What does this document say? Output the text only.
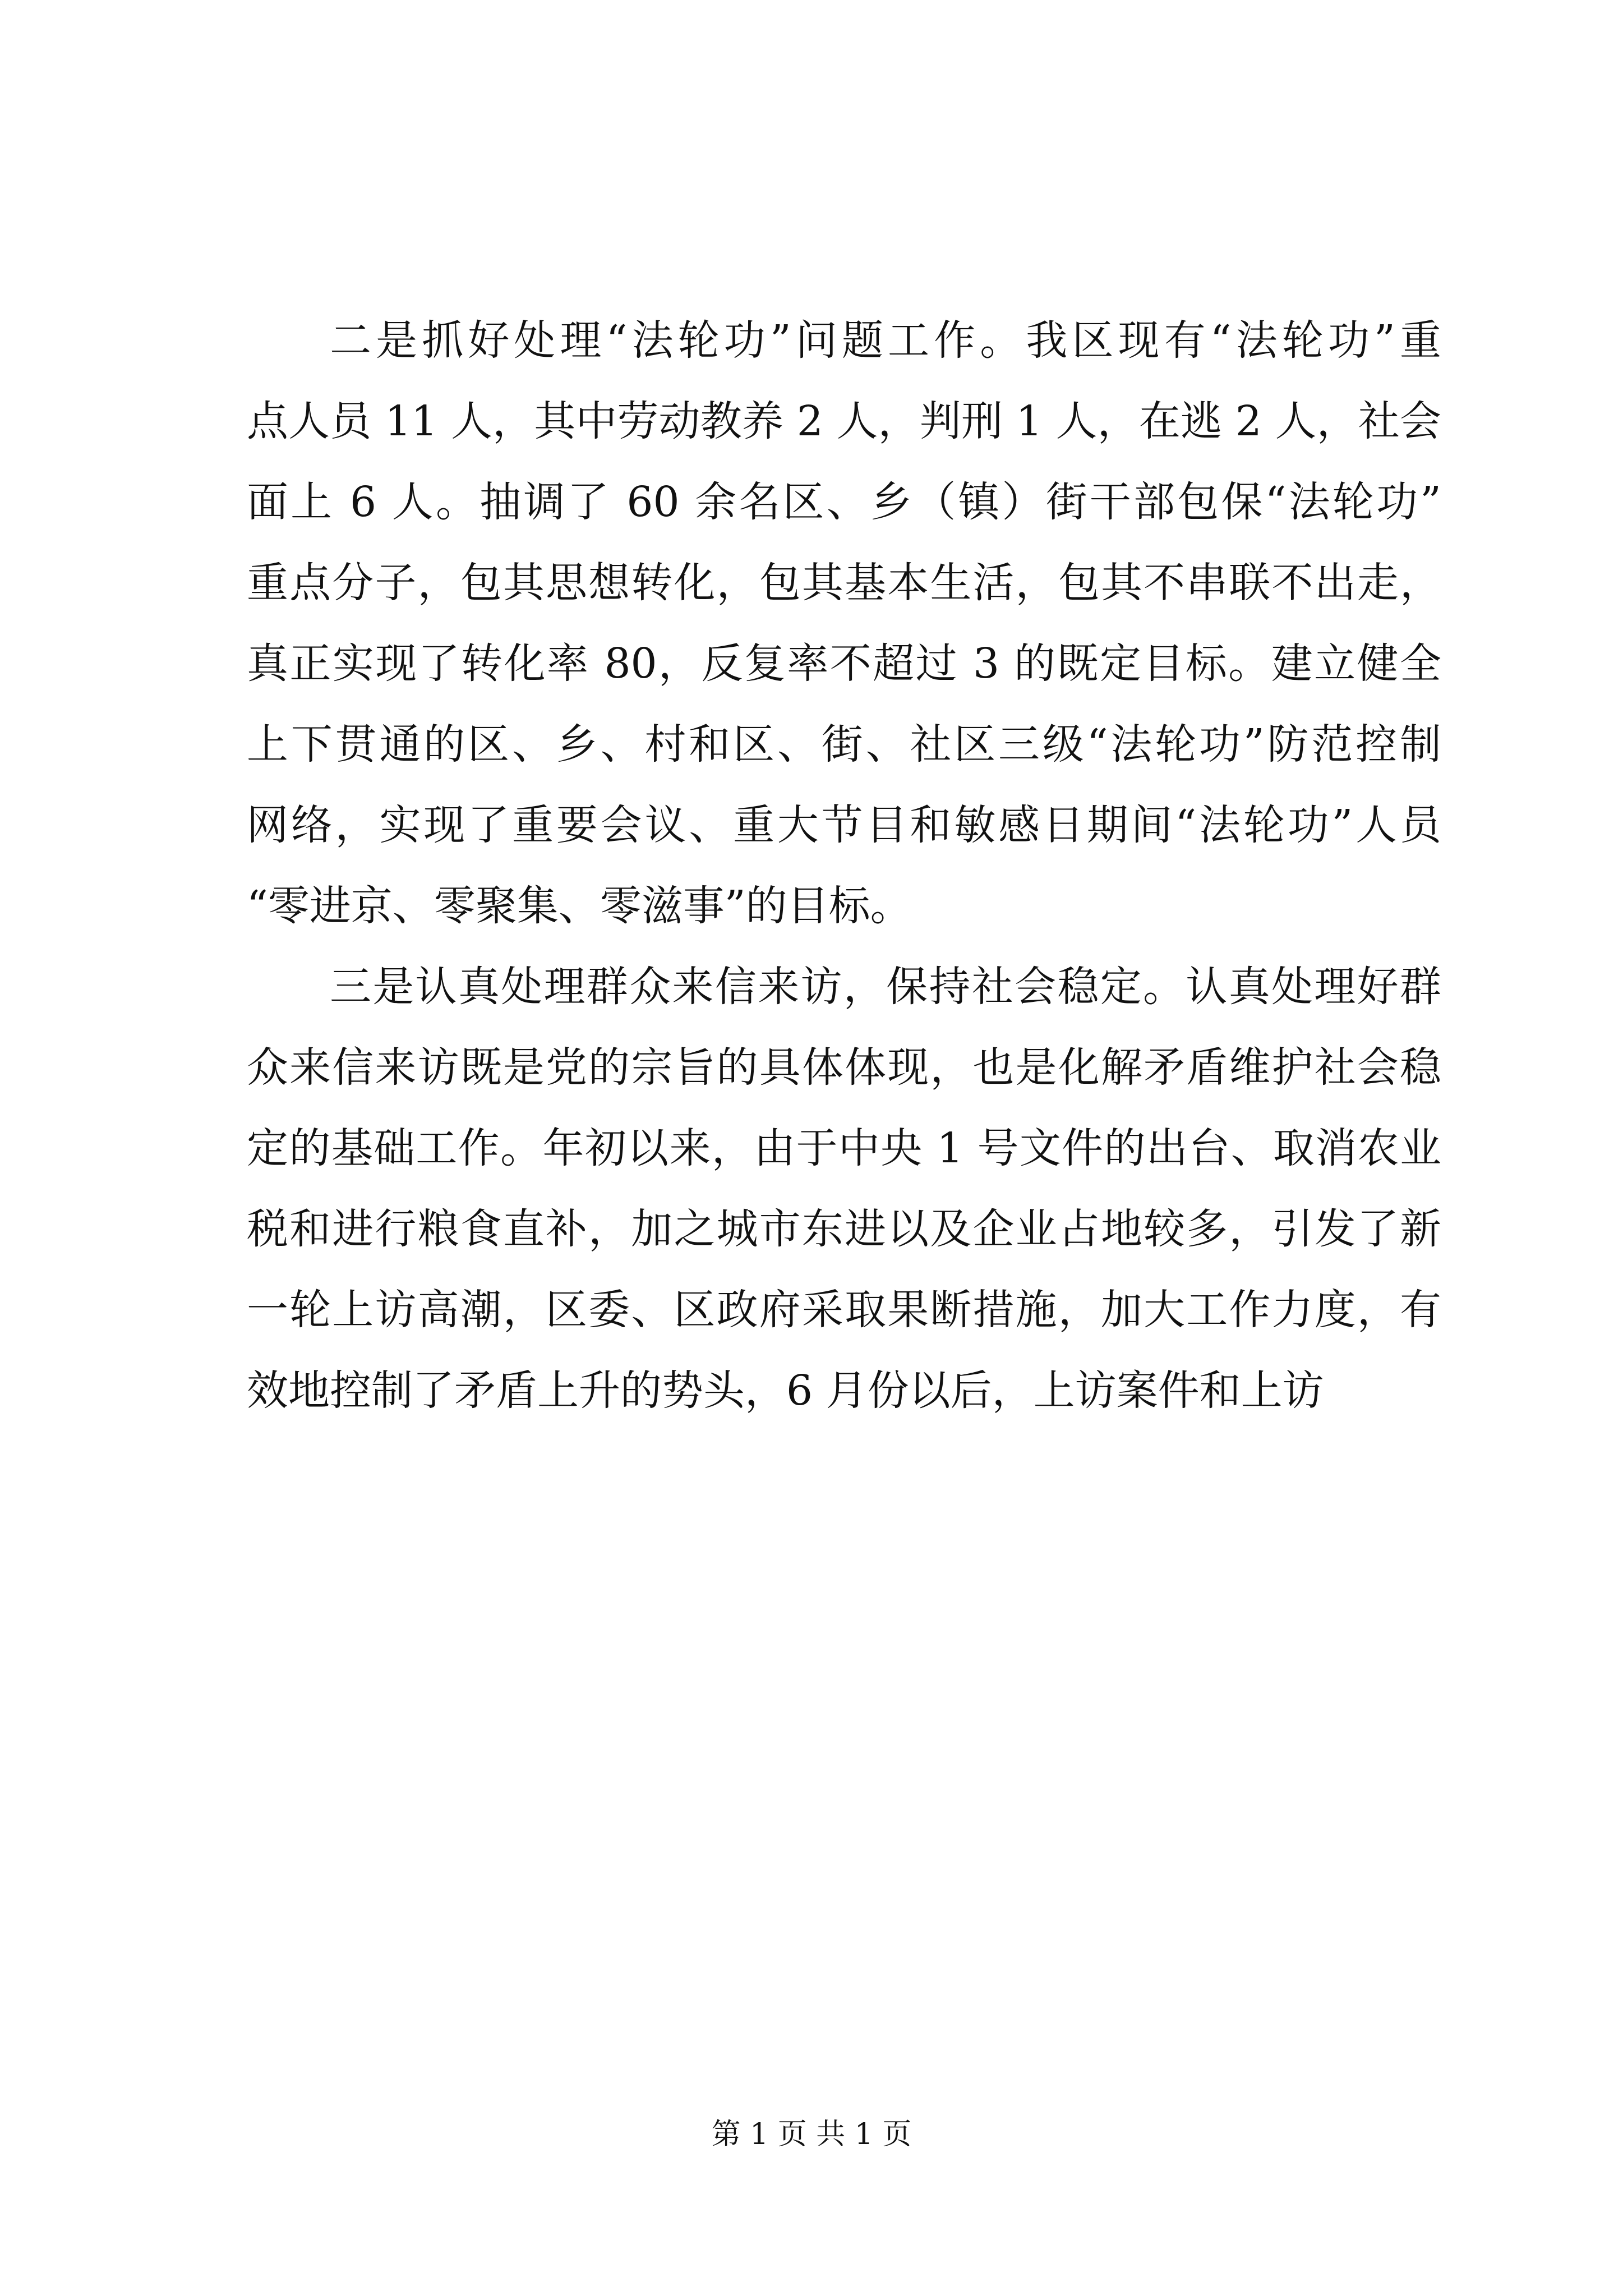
二是抓好处理“法轮功”问题工作。我区现有“法轮功”重
点人员 11 人，其中劳动教养 2 人，判刑 1 人，在逃 2 人，社会
面上 6 人。抽调了 60 余名区、乡（镇）街干部包保“法轮功”
重点分子，包其思想转化，包其基本生活，包其不串联不出走，
真正实现了转化率 80，反复率不超过 3 的既定目标。建立健全
上下贯通的区、乡、村和区、街、社区三级“法轮功”防范控制
网络，实现了重要会议、重大节目和敏感日期间“法轮功”人员
“零进京、零聚集、零滋事”的目标。
三是认真处理群众来信来访，保持社会稳定。认真处理好群
众来信来访既是党的宗旨的具体体现，也是化解矛盾维护社会稳
定的基础工作。年初以来，由于中央 1 号文件的出台、取消农业
税和进行粮食直补，加之城市东进以及企业占地较多，引发了新
一轮上访高潮，区委、区政府采取果断措施，加大工作力度，有
效地控制了矛盾上升的势头，6 月份以后，上访案件和上访
第 1 页 共 1 页
